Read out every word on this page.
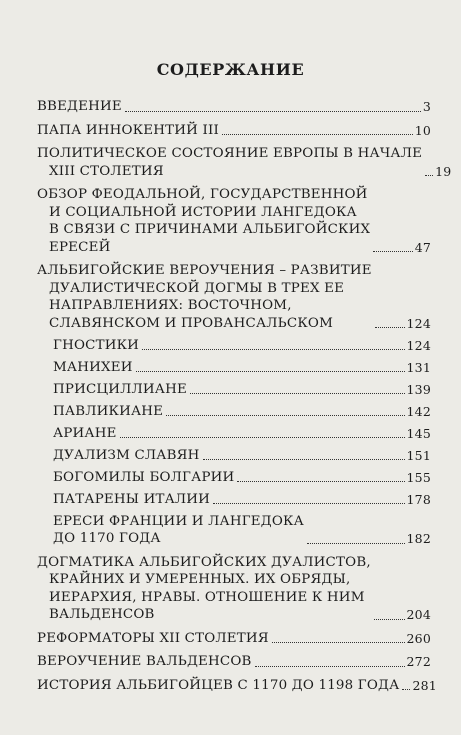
СОДЕРЖАНИЕ
ВВЕДЕНИЕ	3
ПАПА ИННОКЕНТИЙ III	10
ПОЛИТИЧЕСКОЕ СОСТОЯНИЕ ЕВРОПЫ В НАЧАЛЕ
XIII СТОЛЕТИЯ	19
ОБЗОР ФЕОДАЛЬНОЙ, ГОСУДАРСТВЕННОЙ
И СОЦИАЛЬНОЙ ИСТОРИИ ЛАНГЕДОКА
В СВЯЗИ С ПРИЧИНАМИ АЛЬБИГОЙСКИХ
ЕРЕСЕЙ	47
АЛЬБИГОЙСКИЕ ВЕРОУЧЕНИЯ – РАЗВИТИЕ
ДУАЛИСТИЧЕСКОЙ ДОГМЫ В ТРЕХ ЕЕ
НАПРАВЛЕНИЯХ: ВОСТОЧНОМ,
СЛАВЯНСКОМ И ПРОВАНСАЛЬСКОМ	124
ГНОСТИКИ	124
МАНИХЕИ	131
ПРИСЦИЛЛИАНЕ	139
ПАВЛИКИАНЕ	142
АРИАНЕ	145
ДУАЛИЗМ СЛАВЯН	151
БОГОМИЛЫ БОЛГАРИИ	155
ПАТАРЕНЫ ИТАЛИИ	178
ЕРЕСИ ФРАНЦИИ И ЛАНГЕДОКА
ДО 1170 ГОДА	182
ДОГМАТИКА АЛЬБИГОЙСКИХ ДУАЛИСТОВ,
КРАЙНИХ И УМЕРЕННЫХ. ИХ ОБРЯДЫ,
ИЕРАРХИЯ, НРАВЫ. ОТНОШЕНИЕ К НИМ
ВАЛЬДЕНСОВ	204
РЕФОРМАТОРЫ XII СТОЛЕТИЯ	260
ВЕРОУЧЕНИЕ ВАЛЬДЕНСОВ	272
ИСТОРИЯ АЛЬБИГОЙЦЕВ С 1170 ДО 1198 ГОДА 281
